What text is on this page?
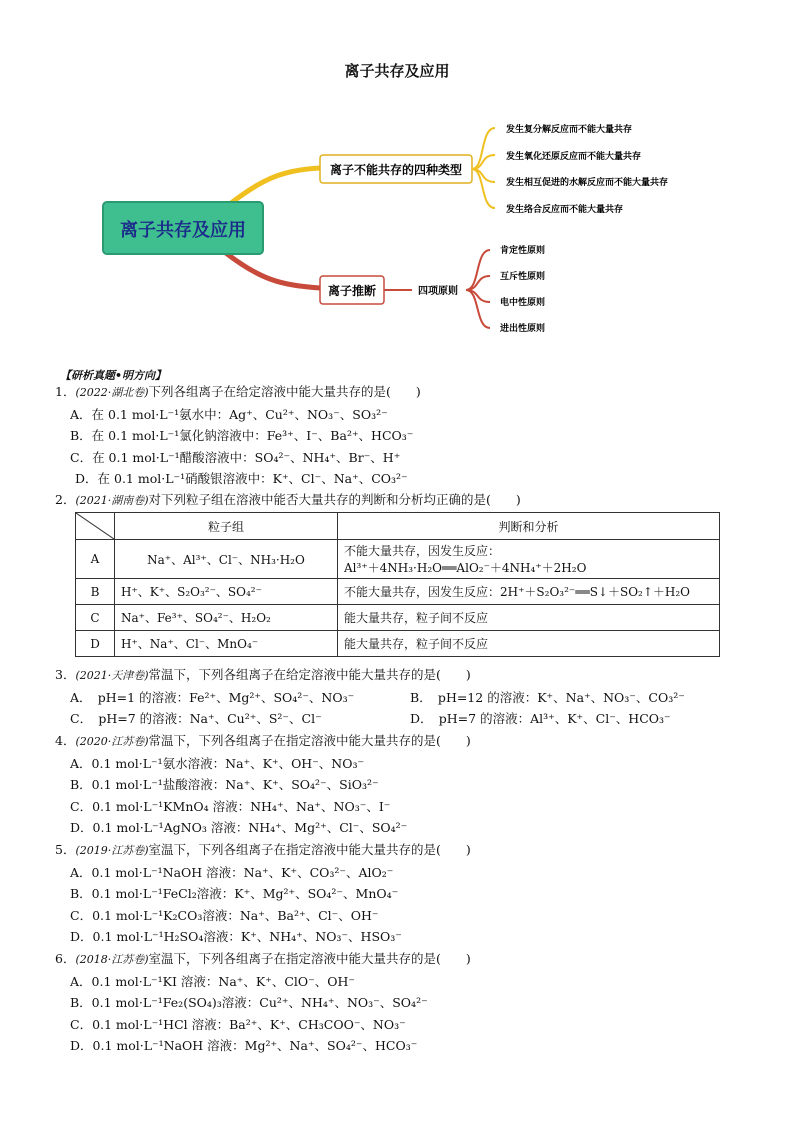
离子共存及应用
离子共存及应用
离子不能共存的四种类型
发生复分解反应而不能大量共存
发生氧化还原反应而不能大量共存
发生相互促进的水解反应而不能大量共存
发生络合反应而不能大量共存
离子推断	四项原则
肯定性原则
互斥性原则
电中性原则
进出性原则
【研析真题•明方向】
1．(2022·湖北卷)下列各组离子在给定溶液中能大量共存的是(　　)
A．在 0.1 mol·L⁻¹氨水中：Ag⁺、Cu²⁺、NO₃⁻、SO₃²⁻
B．在 0.1 mol·L⁻¹氯化钠溶液中：Fe³⁺、I⁻、Ba²⁺、HCO₃⁻
C．在 0.1 mol·L⁻¹醋酸溶液中：SO₄²⁻、NH₄⁺、Br⁻、H⁺
D．在 0.1 mol·L⁻¹硝酸银溶液中：K⁺、Cl⁻、Na⁺、CO₃²⁻
2．(2021·湖南卷)对下列粒子组在溶液中能否大量共存的判断和分析均正确的是(　　)
	粒子组	判断和分析
A	Na⁺、Al³⁺、Cl⁻、NH₃·H₂O	不能大量共存，因发生反应：
Al³⁺＋4NH₃·H₂O══AlO₂⁻＋4NH₄⁺＋2H₂O

B	H⁺、K⁺、S₂O₃²⁻、SO₄²⁻	不能大量共存，因发生反应：2H⁺＋S₂O₃²⁻══S↓＋SO₂↑＋H₂O
C	Na⁺、Fe³⁺、SO₄²⁻、H₂O₂	能大量共存，粒子间不反应
D	H⁺、Na⁺、Cl⁻、MnO₄⁻	能大量共存，粒子间不反应
3．(2021·天津卷)常温下，下列各组离子在给定溶液中能大量共存的是(　　)
A．　pH=1 的溶液：Fe²⁺、Mg²⁺、SO₄²⁻、NO₃⁻	B．　pH=12 的溶液：K⁺、Na⁺、NO₃⁻、CO₃²⁻
C．　pH=7 的溶液：Na⁺、Cu²⁺、S²⁻、Cl⁻	D．　pH=7 的溶液：Al³⁺、K⁺、Cl⁻、HCO₃⁻
4．(2020·江苏卷)常温下，下列各组离子在指定溶液中能大量共存的是(　　)
A．0.1 mol·L⁻¹氨水溶液：Na⁺、K⁺、OH⁻、NO₃⁻
B．0.1 mol·L⁻¹盐酸溶液：Na⁺、K⁺、SO₄²⁻、SiO₃²⁻
C．0.1 mol·L⁻¹KMnO₄ 溶液：NH₄⁺、Na⁺、NO₃⁻、I⁻
D．0.1 mol·L⁻¹AgNO₃ 溶液：NH₄⁺、Mg²⁺、Cl⁻、SO₄²⁻
5．(2019·江苏卷)室温下，下列各组离子在指定溶液中能大量共存的是(　　)
A．0.1 mol·L⁻¹NaOH 溶液：Na⁺、K⁺、CO₃²⁻、AlO₂⁻
B．0.1 mol·L⁻¹FeCl₂溶液：K⁺、Mg²⁺、SO₄²⁻、MnO₄⁻
C．0.1 mol·L⁻¹K₂CO₃溶液：Na⁺、Ba²⁺、Cl⁻、OH⁻
D．0.1 mol·L⁻¹H₂SO₄溶液：K⁺、NH₄⁺、NO₃⁻、HSO₃⁻
6．(2018·江苏卷)室温下，下列各组离子在指定溶液中能大量共存的是(　　)
A．0.1 mol·L⁻¹KI 溶液：Na⁺、K⁺、ClO⁻、OH⁻
B．0.1 mol·L⁻¹Fe₂(SO₄)₃溶液：Cu²⁺、NH₄⁺、NO₃⁻、SO₄²⁻
C．0.1 mol·L⁻¹HCl 溶液：Ba²⁺、K⁺、CH₃COO⁻、NO₃⁻
D．0.1 mol·L⁻¹NaOH 溶液：Mg²⁺、Na⁺、SO₄²⁻、HCO₃⁻
